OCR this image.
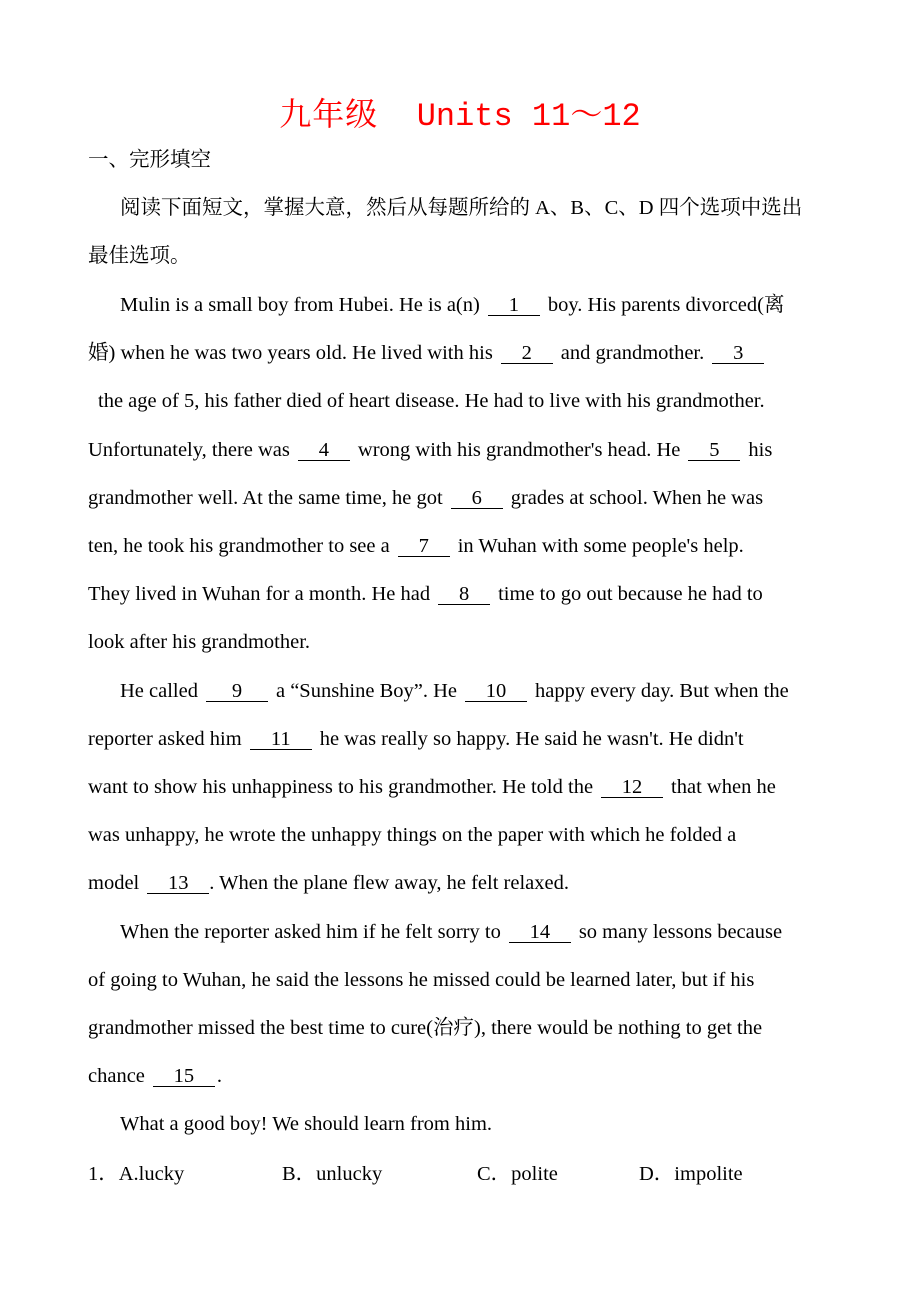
九年级 Units 11～12
一、完形填空
阅读下面短文，掌握大意，然后从每题所给的 A、B、C、D 四个选项中选出
最佳选项。
Mulin is a small boy from Hubei. He is a(n) 1 boy. His parents divorced(离
婚) when he was two years old. He lived with his 2 and grandmother. 3
the age of 5, his father died of heart disease. He had to live with his grandmother.
Unfortunately, there was 4 wrong with his grandmother's head. He 5 his
grandmother well. At the same time, he got 6 grades at school. When he was
ten, he took his grandmother to see a 7 in Wuhan with some people's help.
They lived in Wuhan for a month. He had 8 time to go out because he had to
look after his grandmother.
He called 9 a “Sunshine Boy”. He 10 happy every day. But when the
reporter asked him 11 he was really so happy. He said he wasn't. He didn't
want to show his unhappiness to his grandmother. He told the 12 that when he
was unhappy, he wrote the unhappy things on the paper with which he folded a
model 13 . When the plane flew away, he felt relaxed.
When the reporter asked him if he felt sorry to 14 so many lessons because
of going to Wuhan, he said the lessons he missed could be learned later, but if his
grandmother missed the best time to cure(治疗), there would be nothing to get the
chance 15 .
What a good boy! We should learn from him.
1．A.lucky	B．unlucky	C．polite	D．impolite
